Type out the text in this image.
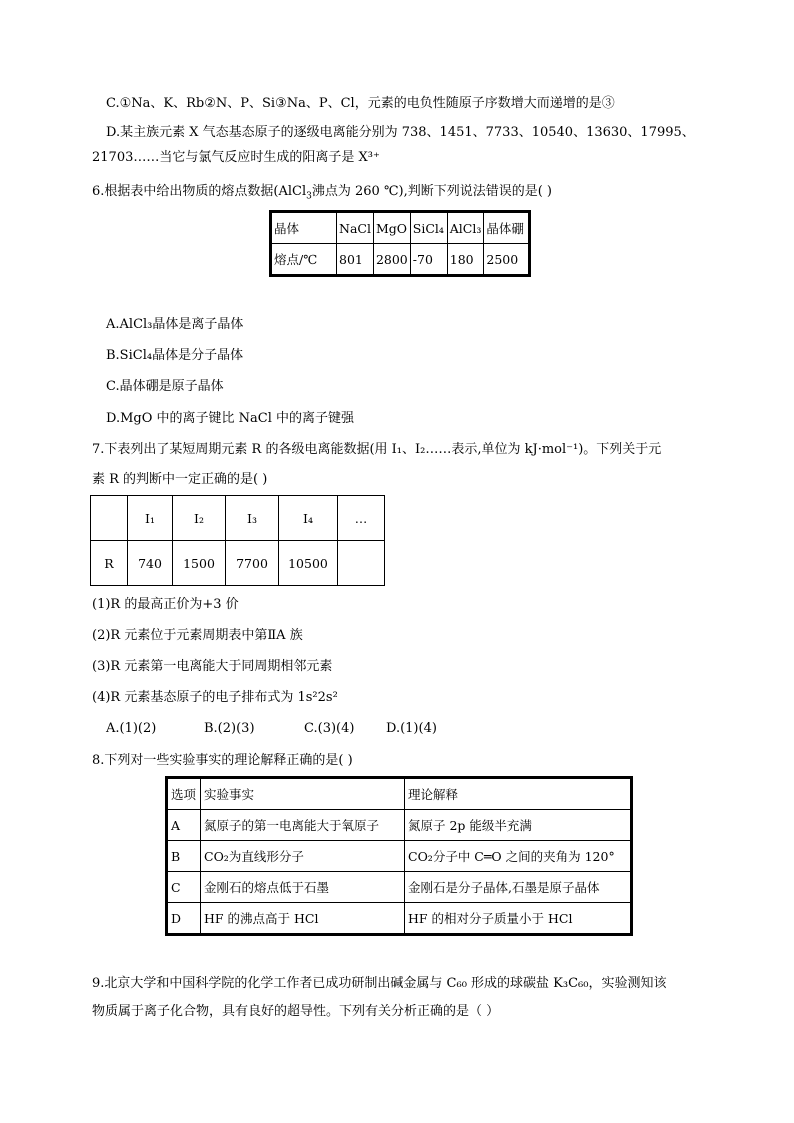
C.①Na、K、Rb②N、P、Si③Na、P、Cl，元素的电负性随原子序数增大而递增的是③
D.某主族元素 X 气态基态原子的逐级电离能分别为 738、1451、7733、10540、13630、17995、
21703……当它与氯气反应时生成的阳离子是 X³⁺
6.根据表中给出物质的熔点数据(AlCl$_3$沸点为 260 ℃),判断下列说法错误的是( )
晶体	NaCl	MgO	SiCl₄	AlCl₃	晶体硼
熔点/℃	801	2800	-70	180	2500
A.AlCl₃晶体是离子晶体
B.SiCl₄晶体是分子晶体
C.晶体硼是原子晶体
D.MgO 中的离子键比 NaCl 中的离子键强
7.下表列出了某短周期元素 R 的各级电离能数据(用 I₁、I₂……表示,单位为 kJ·mol⁻¹)。下列关于元
素 R 的判断中一定正确的是( )
	I₁	I₂	I₃	I₄	…
R	740	1500	7700	10500	
(1)R 的最高正价为+3 价
(2)R 元素位于元素周期表中第ⅡA 族
(3)R 元素第一电离能大于同周期相邻元素
(4)R 元素基态原子的电子排布式为 1s²2s²
A.(1)(2)	B.(2)(3)	C.(3)(4) D.(1)(4)
8.下列对一些实验事实的理论解释正确的是( )
选项	实验事实	理论解释
A	氮原子的第一电离能大于氧原子	氮原子 2p 能级半充满
B	CO₂为直线形分子	CO₂分子中 C═O 之间的夹角为 120°
C	金刚石的熔点低于石墨	金刚石是分子晶体,石墨是原子晶体
D	HF 的沸点高于 HCl	HF 的相对分子质量小于 HCl
9.北京大学和中国科学院的化学工作者已成功研制出碱金属与 C₆₀ 形成的球碳盐 K₃C₆₀，实验测知该
物质属于离子化合物，具有良好的超导性。下列有关分析正确的是（ ）
